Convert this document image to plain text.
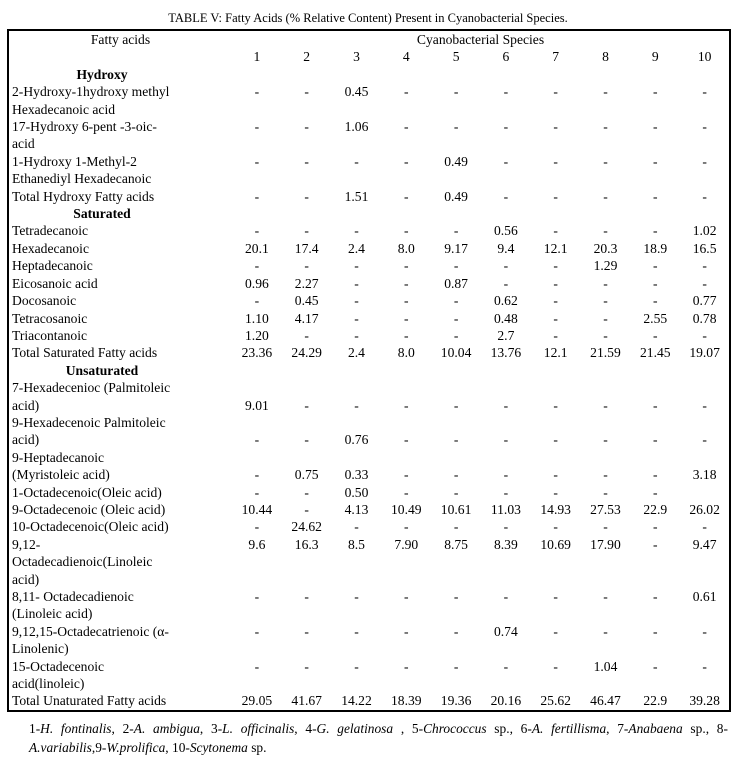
TABLE V: Fatty Acids (% Relative Content) Present in Cyanobacterial Species.
Fatty acids	Cyanobacterial Species									
	1	2	3	4	5	6	7	8	9	10
Hydroxy										
2-Hydroxy-1hydroxy methyl	-	-	0.45	-	-	-	-	-	-	-
Hexadecanoic acid										
17-Hydroxy 6-pent -3-oic-	-	-	1.06	-	-	-	-	-	-	-
acid										
1-Hydroxy 1-Methyl-2	-	-	-	-	0.49	-	-	-	-	-
Ethanediyl Hexadecanoic										
Total Hydroxy Fatty acids	-	-	1.51	-	0.49	-	-	-	-	-
Saturated										
Tetradecanoic	-	-	-	-	-	0.56	-	-	-	1.02
Hexadecanoic	20.1	17.4	2.4	8.0	9.17	9.4	12.1	20.3	18.9	16.5
Heptadecanoic	-	-	-	-	-	-	-	1.29	-	-
Eicosanoic acid	0.96	2.27	-	-	0.87	-	-	-	-	-
Docosanoic	-	0.45	-	-	-	0.62	-	-	-	0.77
Tetracosanoic	1.10	4.17	-	-	-	0.48	-	-	2.55	0.78
Triacontanoic	1.20	-	-	-	-	2.7	-	-	-	-
Total Saturated Fatty acids	23.36	24.29	2.4	8.0	10.04	13.76	12.1	21.59	21.45	19.07
Unsaturated										
7-Hexadecenioc (Palmitoleic										
acid)	9.01	-	-	-	-	-	-	-	-	-
9-Hexadecenoic Palmitoleic										
acid)	-	-	0.76	-	-	-	-	-	-	-
9-Heptadecanoic										
(Myristoleic acid)	-	0.75	0.33	-	-	-	-	-	-	3.18
1-Octadecenoic(Oleic acid)	-	-	0.50	-	-	-	-	-	-	
9-Octadecenoic (Oleic acid)	10.44	-	4.13	10.49	10.61	11.03	14.93	27.53	22.9	26.02
10-Octadecenoic(Oleic acid)	-	24.62	-	-	-	-	-	-	-	-
9,12-	9.6	16.3	8.5	7.90	8.75	8.39	10.69	17.90	-	9.47
Octadecadienoic(Linoleic										
acid)										
8,11- Octadecadienoic	-	-	-	-	-	-	-	-	-	0.61
(Linoleic acid)										
9,12,15-Octadecatrienoic (α-	-	-	-	-	-	0.74	-	-	-	-
Linolenic)										
15-Octadecenoic	-	-	-	-	-	-	-	1.04	-	-
acid(linoleic)										
Total Unaturated Fatty acids	29.05	41.67	14.22	18.39	19.36	20.16	25.62	46.47	22.9	39.28
1-H. fontinalis, 2-A. ambigua, 3-L. officinalis, 4-G. gelatinosa , 5-Chrococcus sp., 6-A. fertillisma, 7-Anabaena sp., 8-A.variabilis,9-W.prolifica, 10-Scytonema sp.
